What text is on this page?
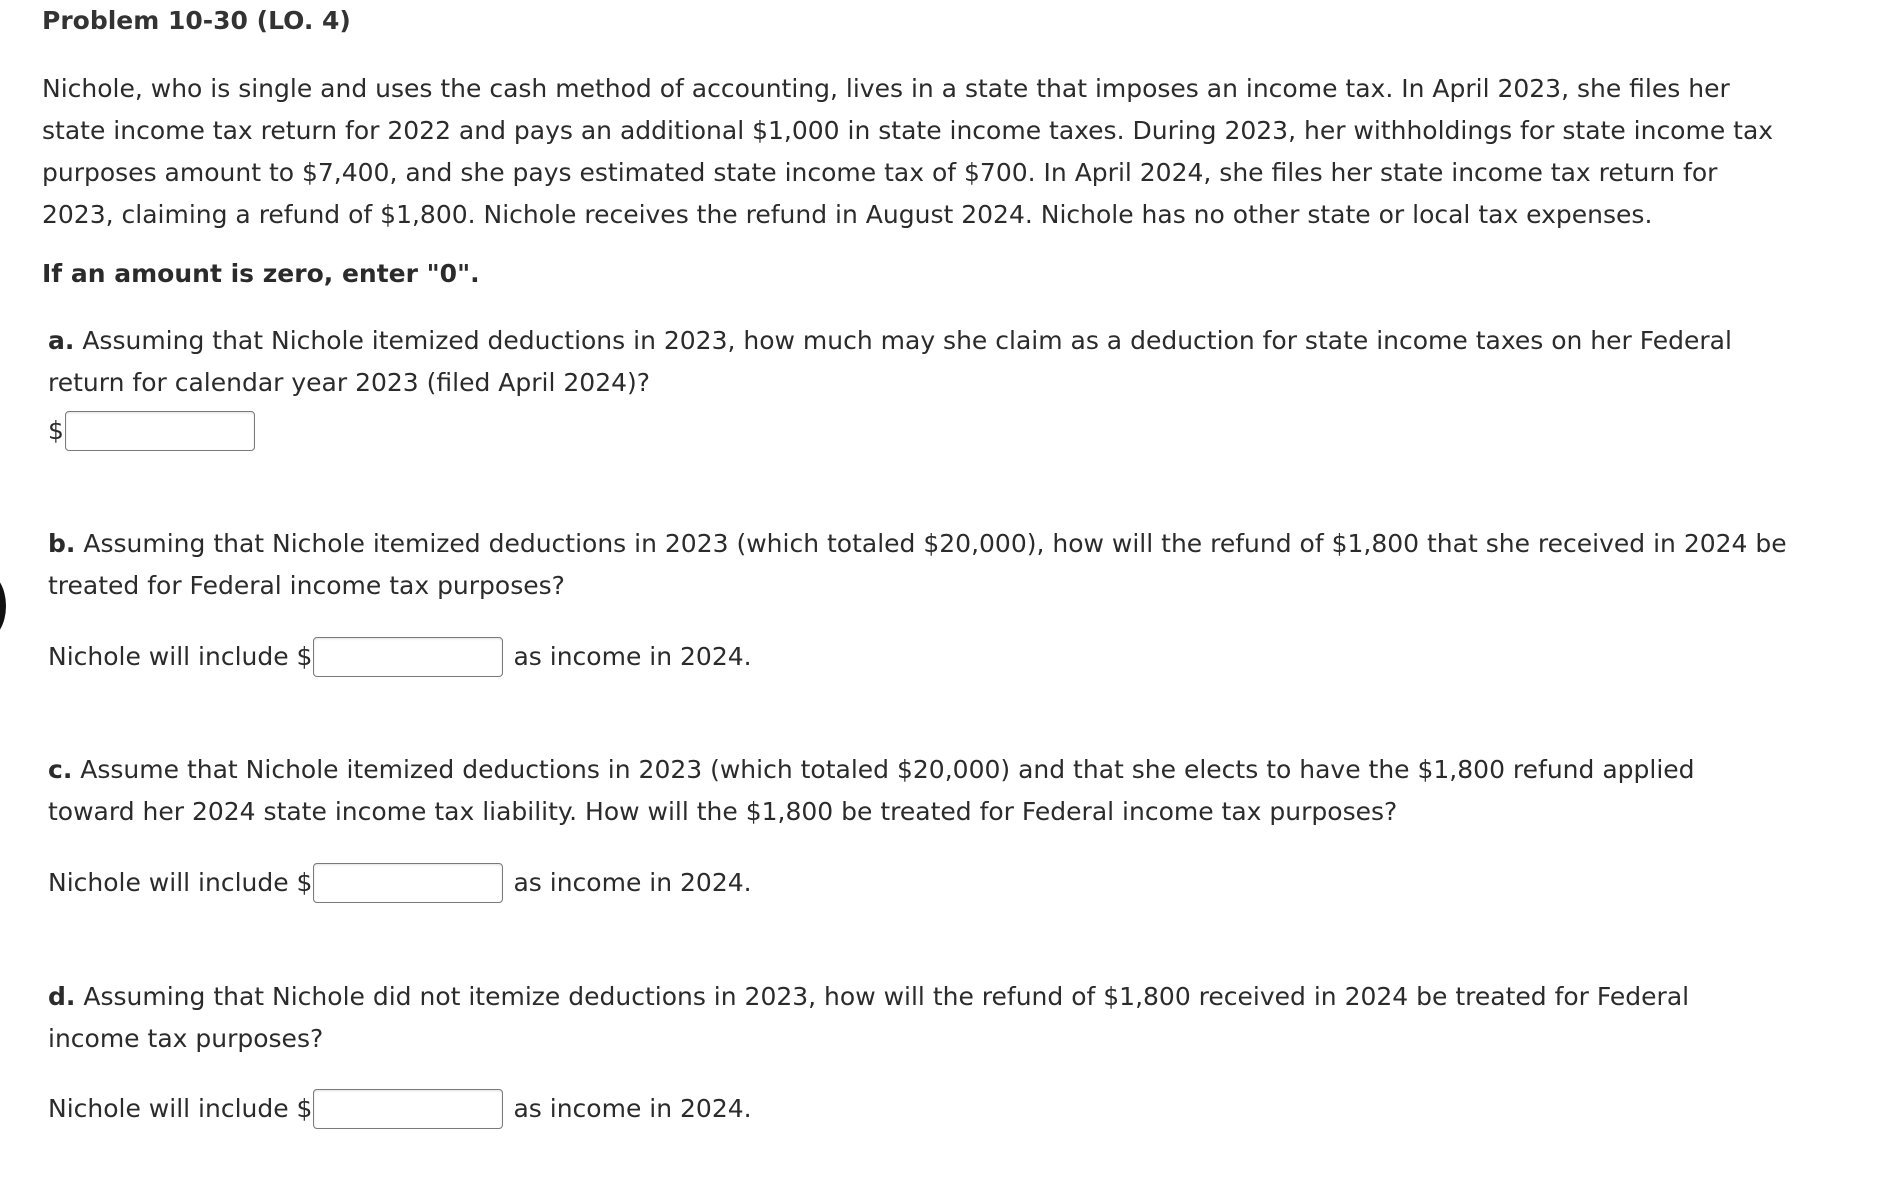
Problem 10-30 (LO. 4)

Nichole, who is single and uses the cash method of accounting, lives in a state that imposes an income tax. In April 2023, she files her state income tax return for 2022 and pays an additional $1,000 in state income taxes. During 2023, her withholdings for state income tax purposes amount to $7,400, and she pays estimated state income tax of $700. In April 2024, she files her state income tax return for 2023, claiming a refund of $1,800. Nichole receives the refund in August 2024. Nichole has no other state or local tax expenses.

If an amount is zero, enter "0".

a. Assuming that Nichole itemized deductions in 2023, how much may she claim as a deduction for state income taxes on her Federal return for calendar year 2023 (filed April 2024)?

$

b. Assuming that Nichole itemized deductions in 2023 (which totaled $20,000), how will the refund of $1,800 that she received in 2024 be treated for Federal income tax purposes?

Nichole will include $	as income in 2024.

c. Assume that Nichole itemized deductions in 2023 (which totaled $20,000) and that she elects to have the $1,800 refund applied toward her 2024 state income tax liability. How will the $1,800 be treated for Federal income tax purposes?

Nichole will include $	as income in 2024.

d. Assuming that Nichole did not itemize deductions in 2023, how will the refund of $1,800 received in 2024 be treated for Federal income tax purposes?

Nichole will include $	as income in 2024.
